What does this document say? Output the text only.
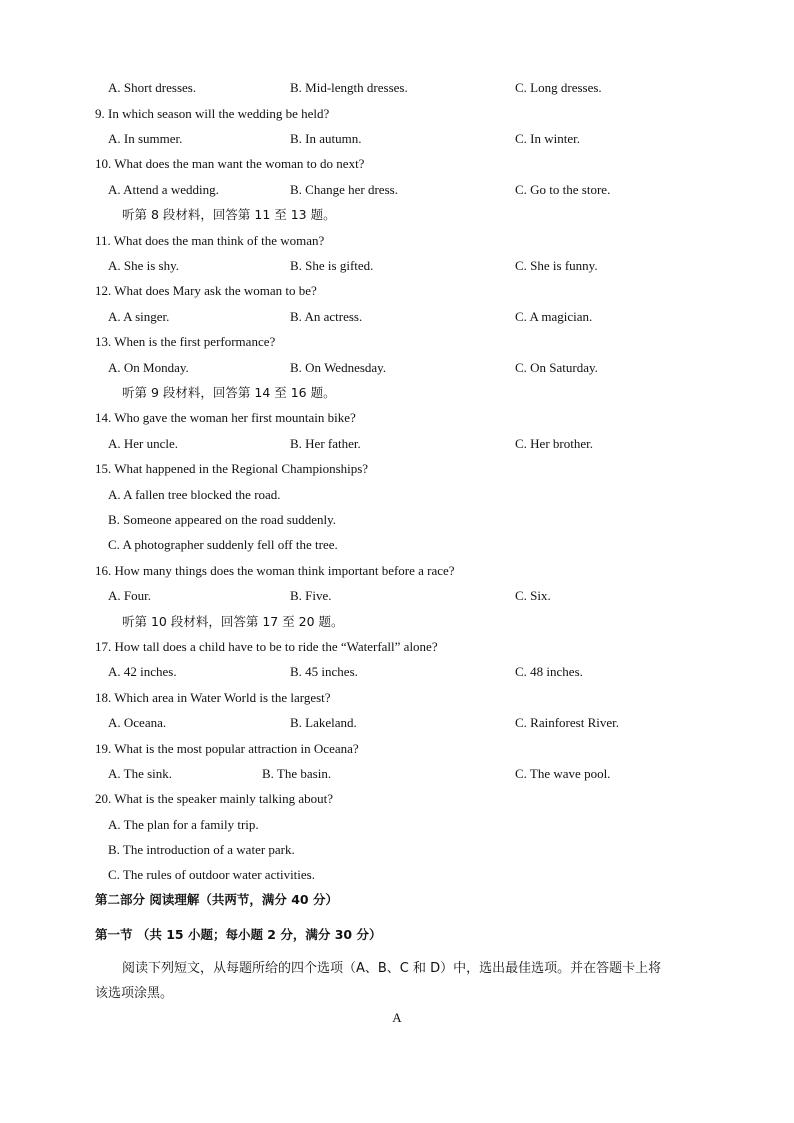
A. Short dresses.	B. Mid-length dresses.	C. Long dresses.
9. In which season will the wedding be held?
A. In summer.	B. In autumn.	C. In winter.
10. What does the man want the woman to do next?
A. Attend a wedding.	B. Change her dress.	C. Go to the store.
听第 8 段材料，回答第 11 至 13 题。
11. What does the man think of the woman?
A. She is shy.	B. She is gifted.	C. She is funny.
12. What does Mary ask the woman to be?
A. A singer.	B. An actress.	C. A magician.
13. When is the first performance?
A. On Monday.	B. On Wednesday.	C. On Saturday.
听第 9 段材料，回答第 14 至 16 题。
14. Who gave the woman her first mountain bike?
A. Her uncle.	B. Her father.	C. Her brother.
15. What happened in the Regional Championships?
A. A fallen tree blocked the road.
B. Someone appeared on the road suddenly.
C. A photographer suddenly fell off the tree.
16. How many things does the woman think important before a race?
A. Four.	B. Five.	C. Six.
听第 10 段材料，回答第 17 至 20 题。
17. How tall does a child have to be to ride the “Waterfall” alone?
A. 42 inches.	B. 45 inches.	C. 48 inches.
18. Which area in Water World is the largest?
A. Oceana.	B. Lakeland.	C. Rainforest River.
19. What is the most popular attraction in Oceana?
A. The sink.	B. The basin.	C. The wave pool.
20. What is the speaker mainly talking about?
A. The plan for a family trip.
B. The introduction of a water park.
C. The rules of outdoor water activities.
第二部分 阅读理解（共两节，满分 40 分）
第一节 （共 15 小题；每小题 2 分，满分 30 分）
阅读下列短文，从每题所给的四个选项（A、B、C 和 D）中，选出最佳选项。并在答题卡上将
该选项涂黑。
A
